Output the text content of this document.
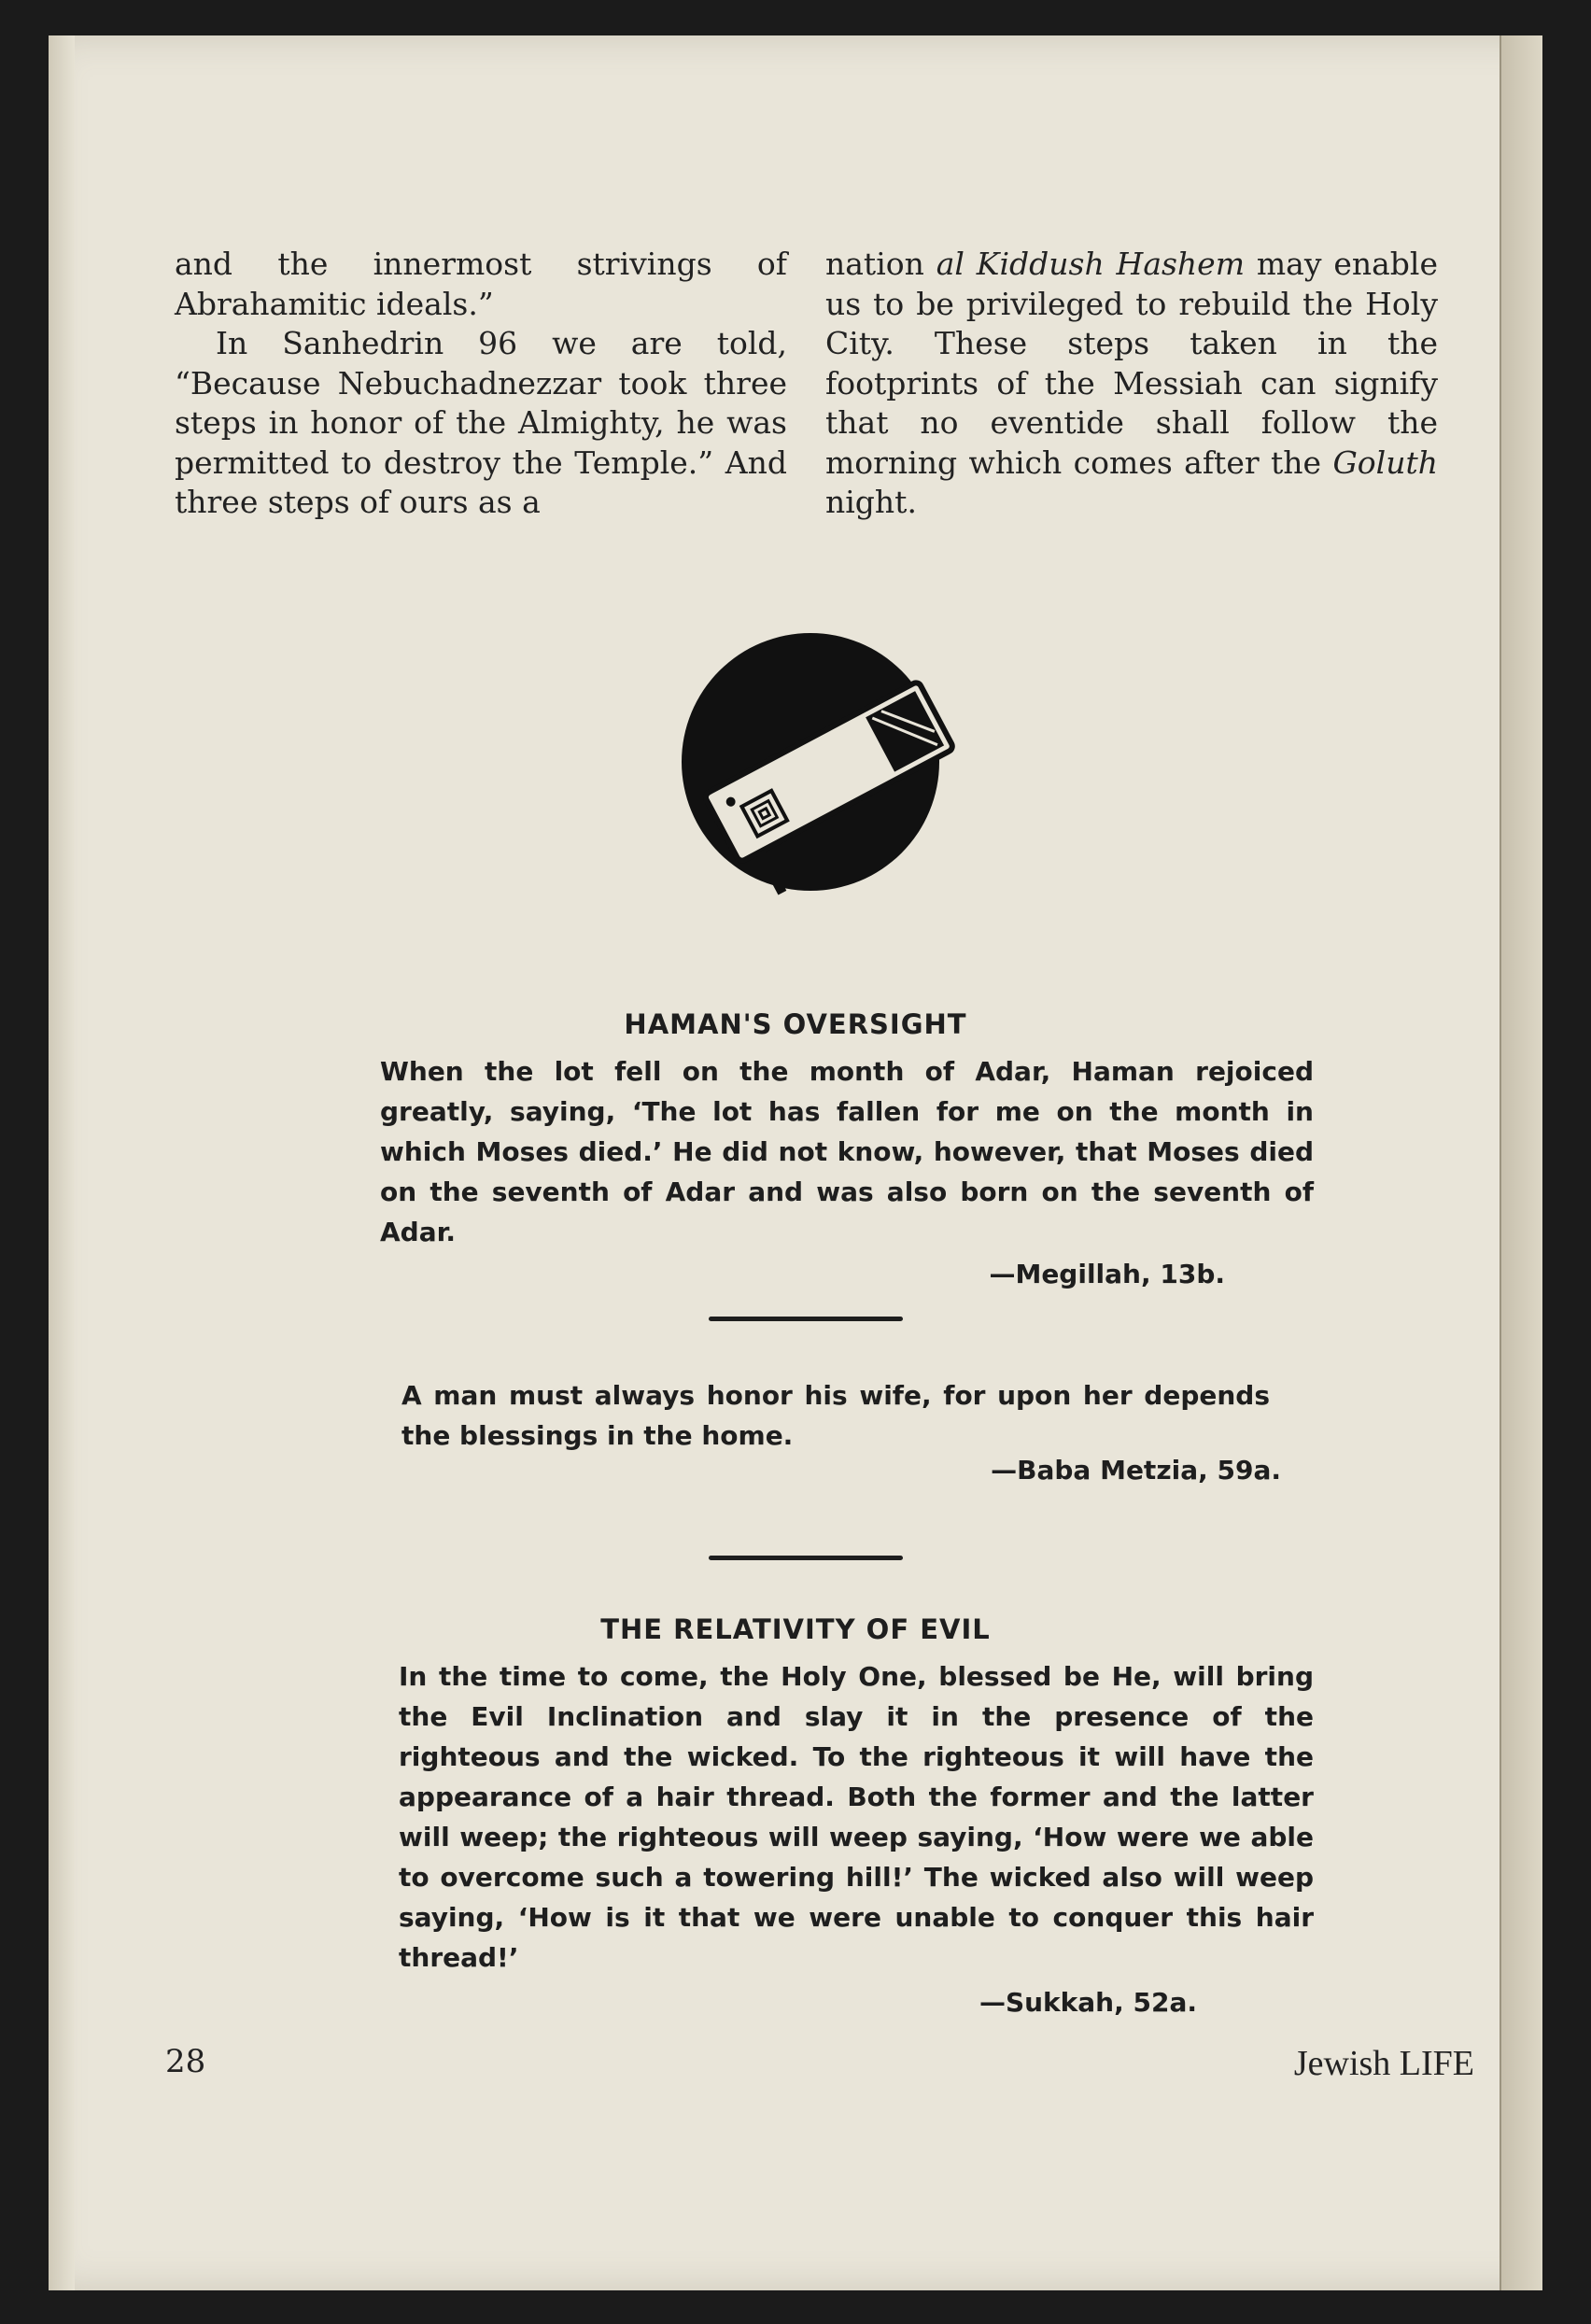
and the innermost strivings of Abrahamitic ideals.”

In Sanhedrin 96 we are told, “Because Nebuchadnezzar took three steps in honor of the Almighty, he was permitted to destroy the Temple.” And three steps of ours as a

nation al Kiddush Hashem may enable us to be privileged to rebuild the Holy City. These steps taken in the footprints of the Messiah can signify that no eventide shall follow the morning which comes after the Goluth night.

HAMAN'S OVERSIGHT
When the lot fell on the month of Adar, Haman rejoiced greatly, saying, ‘The lot has fallen for me on the month in which Moses died.’ He did not know, however, that Moses died on the seventh of Adar and was also born on the seventh of Adar.
—Megillah, 13b.
A man must always honor his wife, for upon her depends the blessings in the home.
—Baba Metzia, 59a.
THE RELATIVITY OF EVIL
In the time to come, the Holy One, blessed be He, will bring the Evil Inclination and slay it in the presence of the righteous and the wicked. To the righteous it will have the appearance of a hair thread. Both the former and the latter will weep; the righteous will weep saying, ‘How were we able to overcome such a towering hill!’ The wicked also will weep saying, ‘How is it that we were unable to conquer this hair thread!’
—Sukkah, 52a.
28	Jewish LIFE
